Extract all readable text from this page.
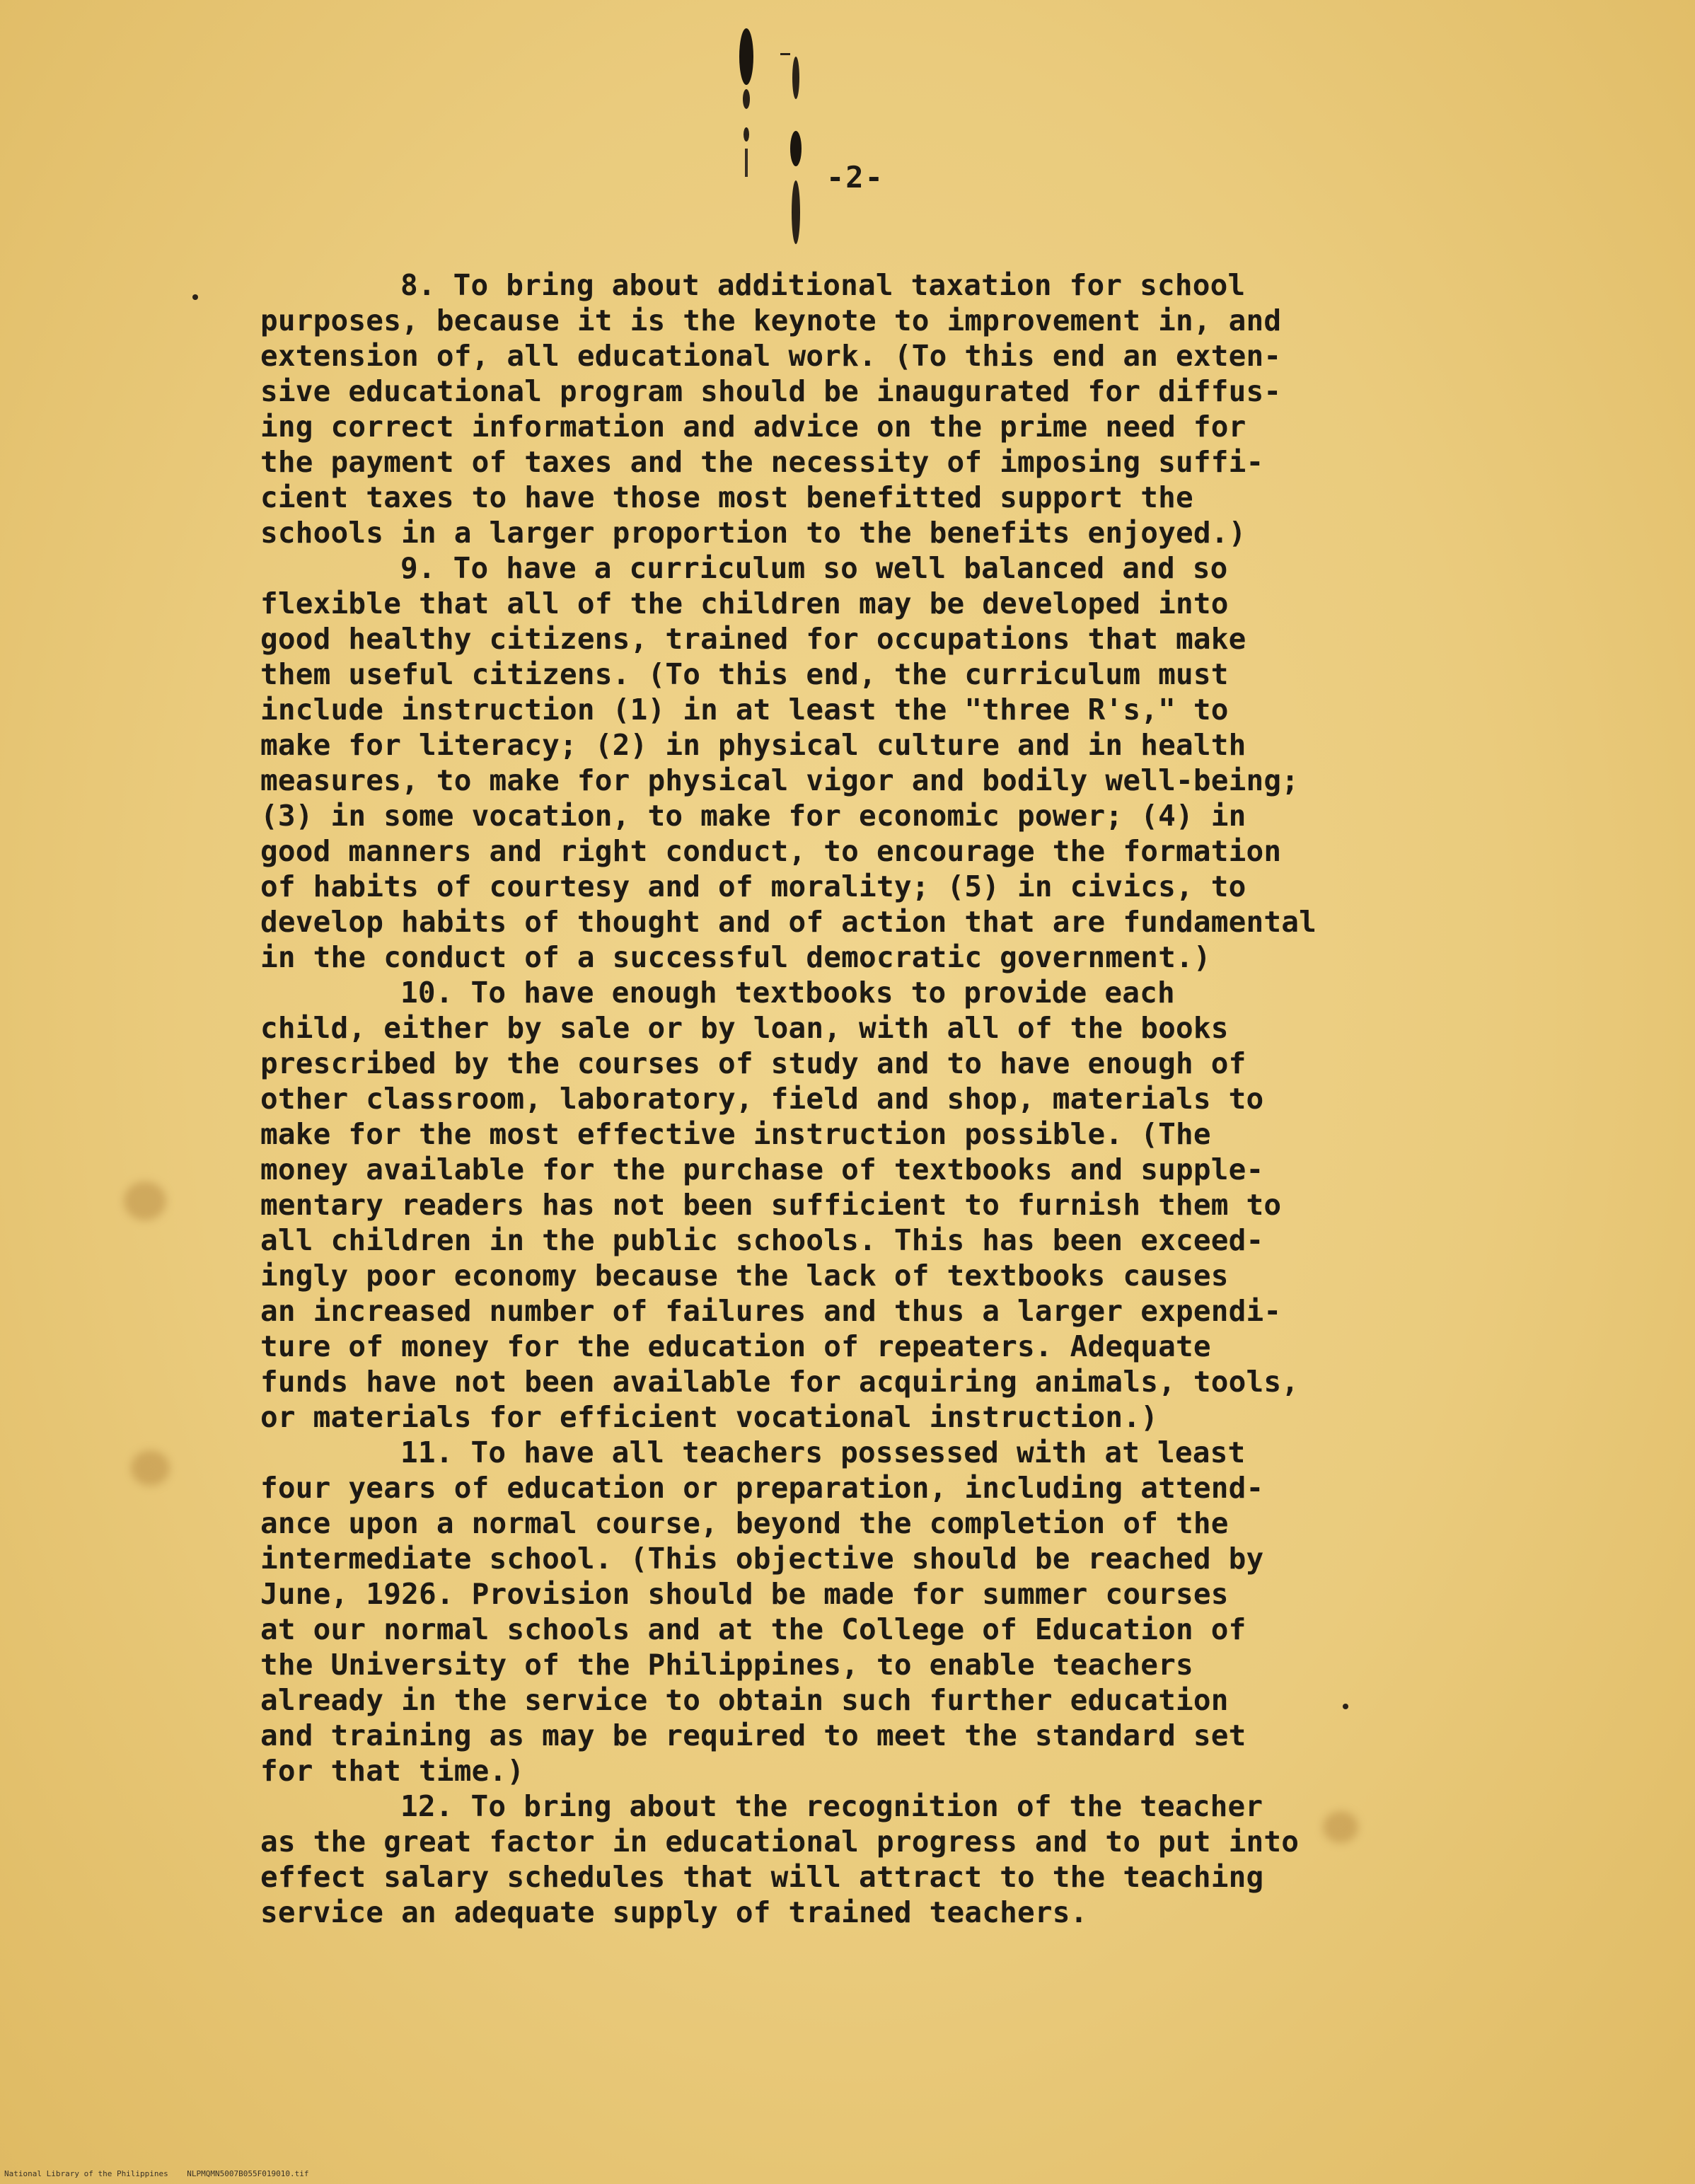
-2-
8. To bring about additional taxation for school
purposes, because it is the keynote to improvement in, and
extension of, all educational work. (To this end an exten-
sive educational program should be inaugurated for diffus-
ing correct information and advice on the prime need for
the payment of taxes and the necessity of imposing suffi-
cient taxes to have those most benefitted support the
schools in a larger proportion to the benefits enjoyed.)
9. To have a curriculum so well balanced and so
flexible that all of the children may be developed into
good healthy citizens, trained for occupations that make
them useful citizens. (To this end, the curriculum must
include instruction (1) in at least the "three R's," to
make for literacy; (2) in physical culture and in health
measures, to make for physical vigor and bodily well-being;
(3) in some vocation, to make for economic power; (4) in
good manners and right conduct, to encourage the formation
of habits of courtesy and of morality; (5) in civics, to
develop habits of thought and of action that are fundamental
in the conduct of a successful democratic government.)
10. To have enough textbooks to provide each
child, either by sale or by loan, with all of the books
prescribed by the courses of study and to have enough of
other classroom, laboratory, field and shop, materials to
make for the most effective instruction possible. (The
money available for the purchase of textbooks and supple-
mentary readers has not been sufficient to furnish them to
all children in the public schools. This has been exceed-
ingly poor economy because the lack of textbooks causes
an increased number of failures and thus a larger expendi-
ture of money for the education of repeaters. Adequate
funds have not been available for acquiring animals, tools,
or materials for efficient vocational instruction.)
11. To have all teachers possessed with at least
four years of education or preparation, including attend-
ance upon a normal course, beyond the completion of the
intermediate school. (This objective should be reached by
June, 1926. Provision should be made for summer courses
at our normal schools and at the College of Education of
the University of the Philippines, to enable teachers
already in the service to obtain such further education
and training as may be required to meet the standard set
for that time.)
12. To bring about the recognition of the teacher
as the great factor in educational progress and to put into
effect salary schedules that will attract to the teaching
service an adequate supply of trained teachers.
National Library of the Philippines    NLPMQMN5007B055F019010.tif
